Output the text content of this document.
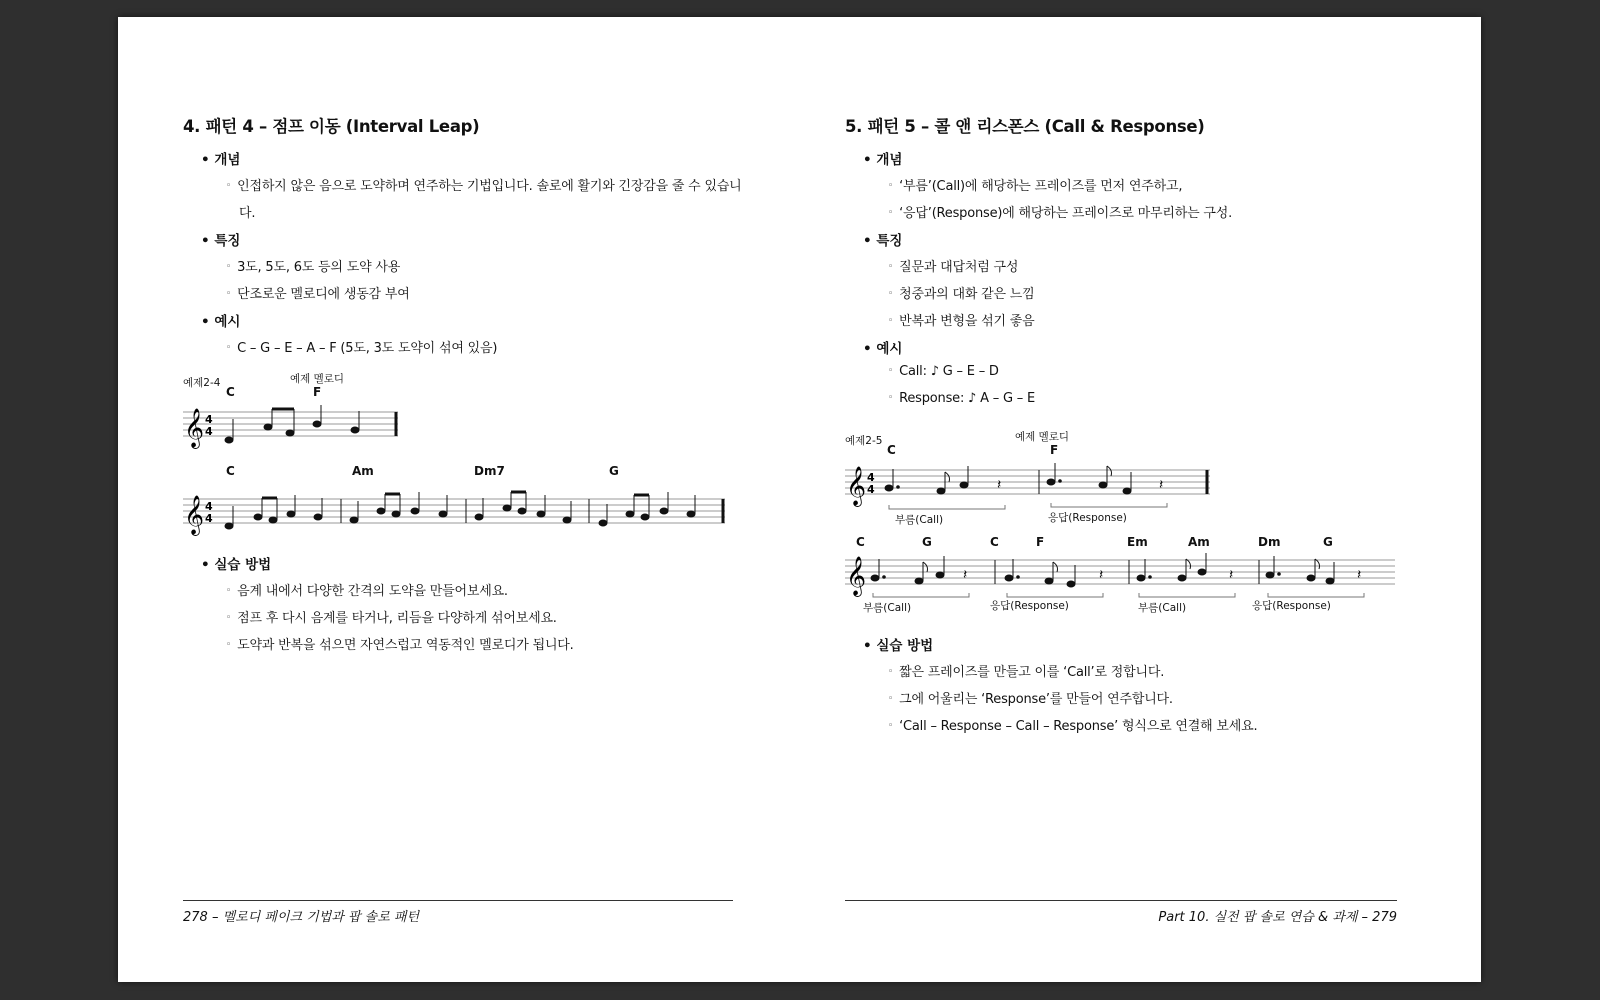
4. 패턴 4 – 점프 이동 (Interval Leap)
• 개념
◦ 인접하지 않은 음으로 도약하며 연주하는 기법입니다. 솔로에 활기와 긴장감을 줄 수 있습니
다.
• 특징
◦ 3도, 5도, 6도 등의 도약 사용
◦ 단조로운 멜로디에 생동감 부여
• 예시
◦ C – G – E – A – F (5도, 3도 도약이 섞여 있음)
예제2-4	예제 멜로디
C	F
𝄞 4
4
C	Am	Dm7	G
𝄞 4
4
• 실습 방법
◦ 음계 내에서 다양한 간격의 도약을 만들어보세요.
◦ 점프 후 다시 음계를 타거나, 리듬을 다양하게 섞어보세요.
◦ 도약과 반복을 섞으면 자연스럽고 역동적인 멜로디가 됩니다.
278 – 멜로디 페이크 기법과 팝 솔로 패턴
5. 패턴 5 – 콜 앤 리스폰스 (Call & Response)
• 개념
◦ ‘부름’(Call)에 해당하는 프레이즈를 먼저 연주하고,
◦ ‘응답’(Response)에 해당하는 프레이즈로 마무리하는 구성.
• 특징
◦ 질문과 대답처럼 구성
◦ 청중과의 대화 같은 느낌
◦ 반복과 변형을 섞기 좋음
• 예시
◦ Call: ♪ G – E – D
◦ Response: ♪ A – G – E
예제2-5	예제 멜로디
C	F
𝄞 4
4	𝄽	𝄽
부름(Call)	응답(Response)
C	G	C	F	Em	Am	Dm	G
𝄞	𝄽	𝄽	𝄽	𝄽
부름(Call)	응답(Response)	부름(Call)	응답(Response)
• 실습 방법
◦ 짧은 프레이즈를 만들고 이를 ‘Call’로 정합니다.
◦ 그에 어울리는 ‘Response’를 만들어 연주합니다.
◦ ‘Call – Response – Call – Response’ 형식으로 연결해 보세요.
Part 10. 실전 팝 솔로 연습 & 과제 – 279
